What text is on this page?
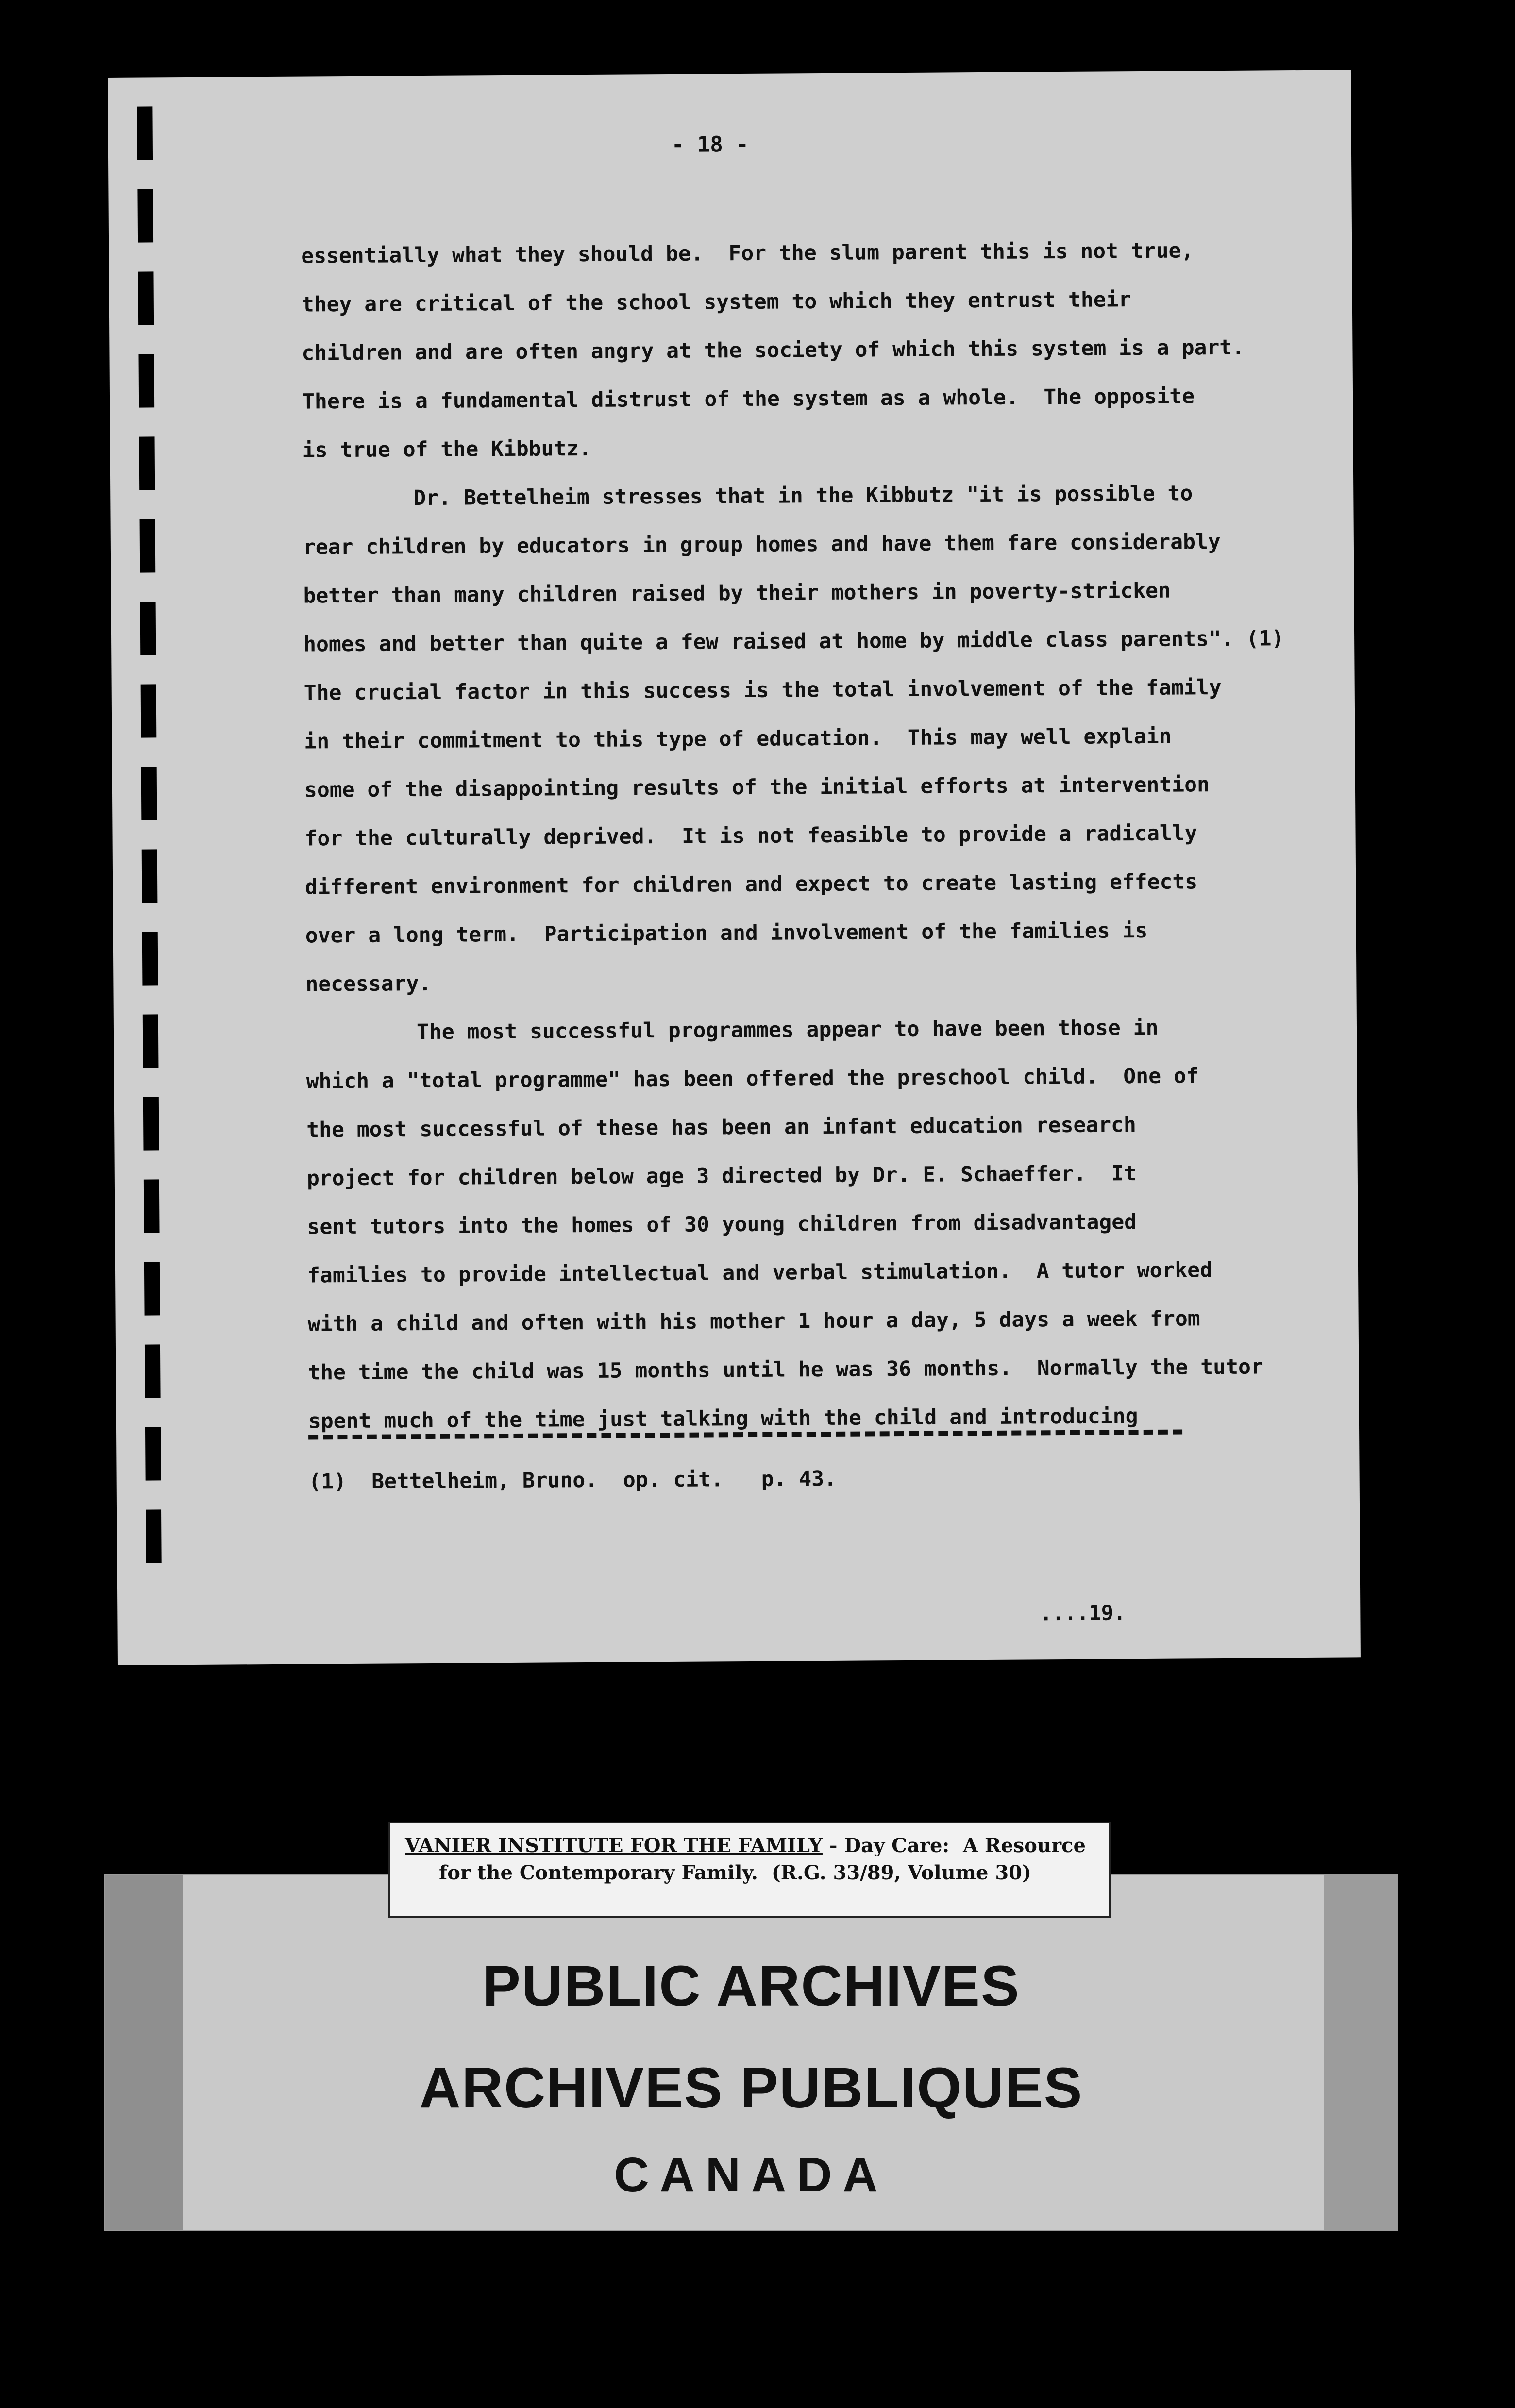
- 18 -
essentially what they should be.  For the slum parent this is not true,
they are critical of the school system to which they entrust their
children and are often angry at the society of which this system is a part.
There is a fundamental distrust of the system as a whole.  The opposite
is true of the Kibbutz.
Dr. Bettelheim stresses that in the Kibbutz "it is possible to
rear children by educators in group homes and have them fare considerably
better than many children raised by their mothers in poverty-stricken
homes and better than quite a few raised at home by middle class parents". (1)
The crucial factor in this success is the total involvement of the family
in their commitment to this type of education.  This may well explain
some of the disappointing results of the initial efforts at intervention
for the culturally deprived.  It is not feasible to provide a radically
different environment for children and expect to create lasting effects
over a long term.  Participation and involvement of the families is
necessary.
The most successful programmes appear to have been those in
which a "total programme" has been offered the preschool child.  One of
the most successful of these has been an infant education research
project for children below age 3 directed by Dr. E. Schaeffer.  It
sent tutors into the homes of 30 young children from disadvantaged
families to provide intellectual and verbal stimulation.  A tutor worked
with a child and often with his mother 1 hour a day, 5 days a week from
the time the child was 15 months until he was 36 months.  Normally the tutor
spent much of the time just talking with the child and introducing
(1)  Bettelheim, Bruno.  op. cit.   p. 43.
....19.
PUBLIC ARCHIVES
ARCHIVES PUBLIQUES
CANADA
VANIER INSTITUTE FOR THE FAMILY - Day Care:  A Resource
for the Contemporary Family.  (R.G. 33/89, Volume 30)
